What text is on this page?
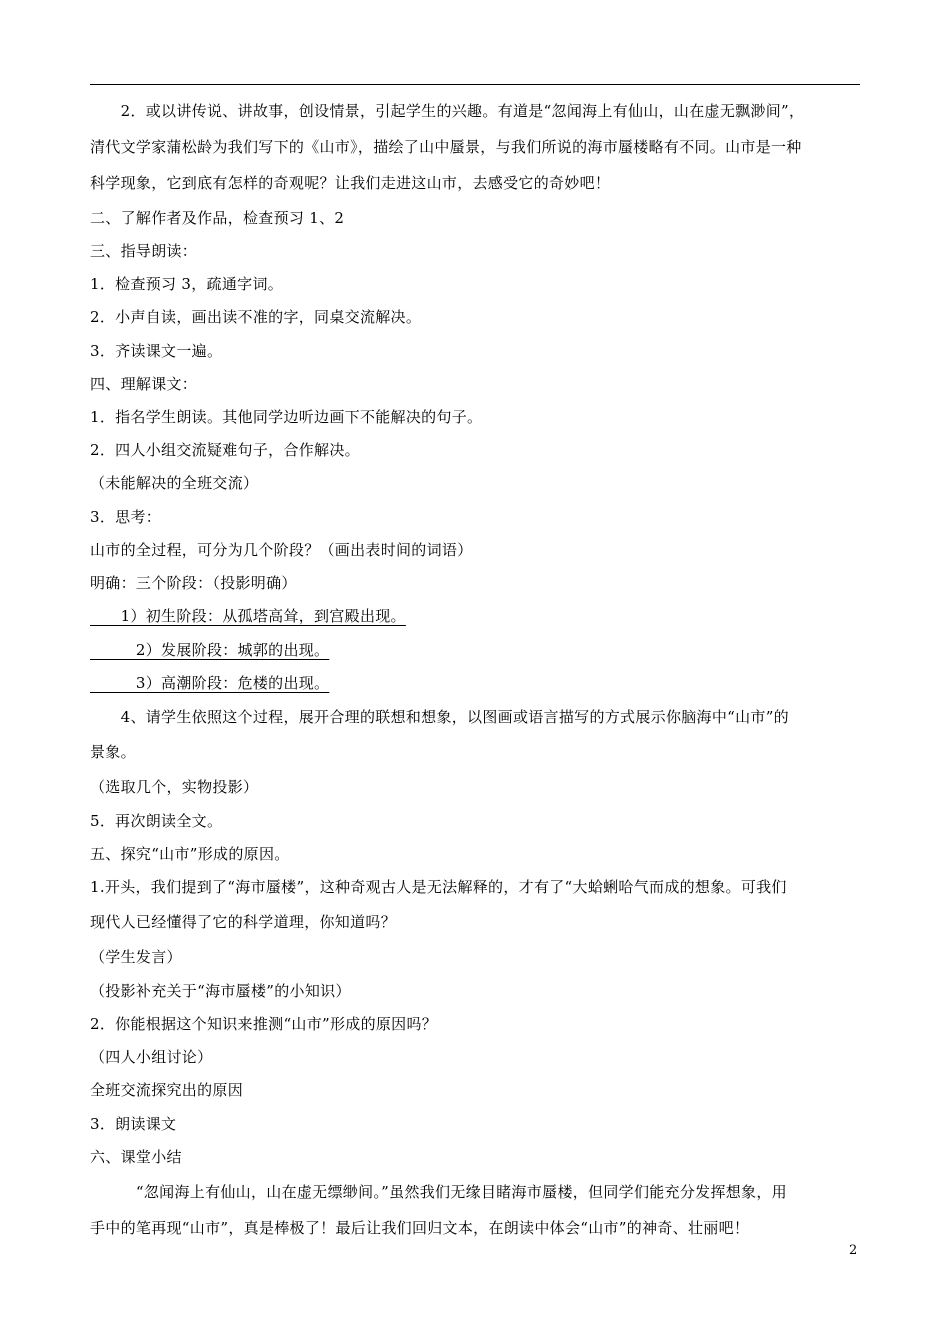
　　2．或以讲传说、讲故事，创设情景，引起学生的兴趣。有道是“忽闻海上有仙山，山在虚无飘渺间”，
清代文学家蒲松龄为我们写下的《山市》，描绘了山中蜃景，与我们所说的海市蜃楼略有不同。山市是一种
科学现象，它到底有怎样的奇观呢？让我们走进这山市，去感受它的奇妙吧！
二、了解作者及作品，检查预习 1、2
三、指导朗读：
1．检查预习 3，疏通字词。
2．小声自读，画出读不准的字，同桌交流解决。
3．齐读课文一遍。
四、理解课文：
1．指名学生朗读。其他同学边听边画下不能解决的句子。
2．四人小组交流疑难句子，合作解决。
（未能解决的全班交流）
3．思考：
山市的全过程，可分为几个阶段？（画出表时间的词语）
明确：三个阶段：（投影明确）
　　1）初生阶段：从孤塔高耸，到宫殿出现。
　　　2）发展阶段：城郭的出现。
　　　3）高潮阶段：危楼的出现。
　　4、请学生依照这个过程，展开合理的联想和想象，以图画或语言描写的方式展示你脑海中“山市”的
景象。
（选取几个，实物投影）
5．再次朗读全文。
五、探究“山市”形成的原因。
1.开头，我们提到了“海市蜃楼”，这种奇观古人是无法解释的，才有了“大蛤蜊哈气而成的想象。可我们
现代人已经懂得了它的科学道理，你知道吗？
（学生发言）
（投影补充关于“海市蜃楼”的小知识）
2．你能根据这个知识来推测“山市”形成的原因吗？
（四人小组讨论）
全班交流探究出的原因
3．朗读课文
六、课堂小结
　　　“忽闻海上有仙山，山在虚无缥缈间。”虽然我们无缘目睹海市蜃楼，但同学们能充分发挥想象，用
手中的笔再现“山市”，真是棒极了！最后让我们回归文本，在朗读中体会“山市”的神奇、壮丽吧！
2
